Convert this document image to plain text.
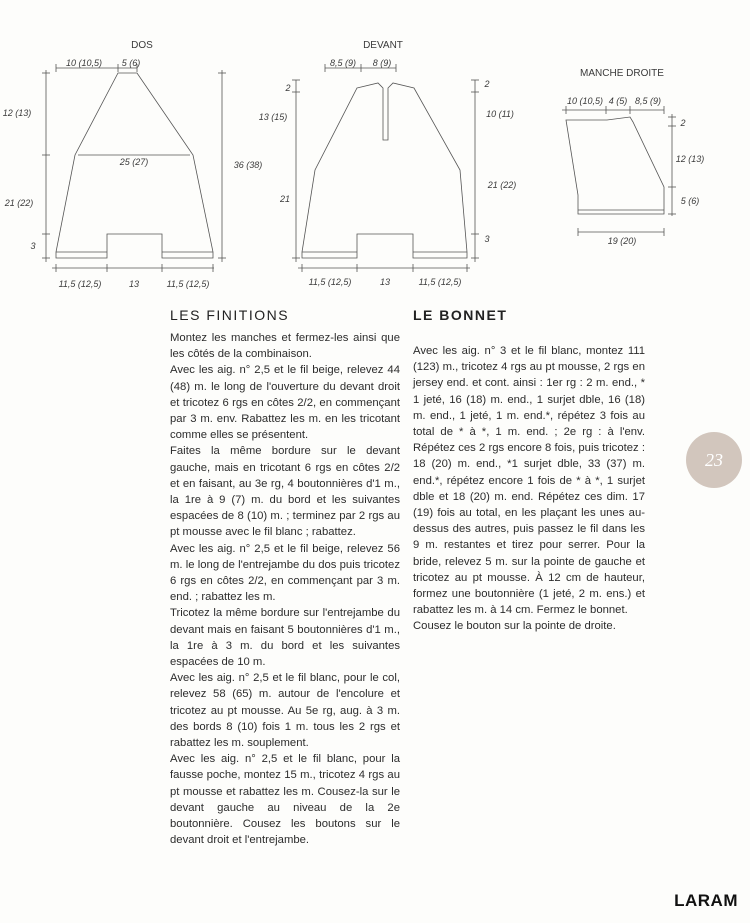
DOS
10 (10,5) 5 (6)
12 (13)
25 (27)
21 (22)
36 (38)
3
11,5 (12,5)	13	11,5 (12,5)
DEVANT
8,5 (9) 8 (9)
2	2
13 (15)	10 (11)
21
21 (22)
3
11,5 (12,5)	13	11,5 (12,5)
MANCHE DROITE
10 (10,5) 4 (5) 8,5 (9)
2
12 (13)
5 (6)
19 (20)
LES FINITIONS	LE BONNET

Montez les manches et fermez-les ainsi que les côtés de la combinaison.

Avec les aig. n° 2,5 et le fil beige, relevez 44 (48) m. le long de l'ouverture du devant droit et tricotez 6 rgs en côtes 2/2, en commençant par 3 m. env. Rabattez les m. en les tricotant comme elles se présentent.

Faites la même bordure sur le devant gauche, mais en tricotant 6 rgs en côtes 2/2 et en faisant, au 3e rg, 4 boutonnières d'1 m., la 1re à 9 (7) m. du bord et les suivantes espacées de 8 (10) m. ; terminez par 2 rgs au pt mousse avec le fil blanc ; rabattez.

Avec les aig. n° 2,5 et le fil beige, relevez 56 m. le long de l'entrejambe du dos puis tricotez 6 rgs en côtes 2/2, en commençant par 3 m. end. ; rabattez les m.

Tricotez la même bordure sur l'entrejambe du devant mais en faisant 5 boutonnières d'1 m., la 1re à 3 m. du bord et les suivantes espacées de 10 m.

Avec les aig. n° 2,5 et le fil blanc, pour le col, relevez 58 (65) m. autour de l'encolure et tricotez au pt mousse. Au 5e rg, aug. à 3 m. des bords 8 (10) fois 1 m. tous les 2 rgs et rabattez les m. souplement.

Avec les aig. n° 2,5 et le fil blanc, pour la fausse poche, montez 15 m., tricotez 4 rgs au pt mousse et rabattez les m. Cousez-la sur le devant gauche au niveau de la 2e boutonnière. Cousez les boutons sur le devant droit et l'entrejambe.

Avec les aig. n° 3 et le fil blanc, montez 111 (123) m., tricotez 4 rgs au pt mousse, 2 rgs en jersey end. et cont. ainsi : 1er rg : 2 m. end., * 1 jeté, 16 (18) m. end., 1 surjet dble, 16 (18) m. end., 1 jeté, 1 m. end.*, répétez 3 fois au total de * à *, 1 m. end. ; 2e rg : à l'env. Répétez ces 2 rgs encore 8 fois, puis tricotez : 18 (20) m. end., *1 surjet dble, 33 (37) m. end.*, répétez encore 1 fois de * à *, 1 surjet dble et 18 (20) m. end. Répétez ces dim. 17 (19) fois au total, en les plaçant les unes au-dessus des autres, puis passez le fil dans les 9 m. restantes et tirez pour serrer. Pour la bride, relevez 5 m. sur la pointe de gauche et tricotez au pt mousse. À 12 cm de hauteur, formez une boutonnière (1 jeté, 2 m. ens.) et rabattez les m. à 14 cm. Fermez le bonnet.

Cousez le bouton sur la pointe de droite.

23
LARAM
